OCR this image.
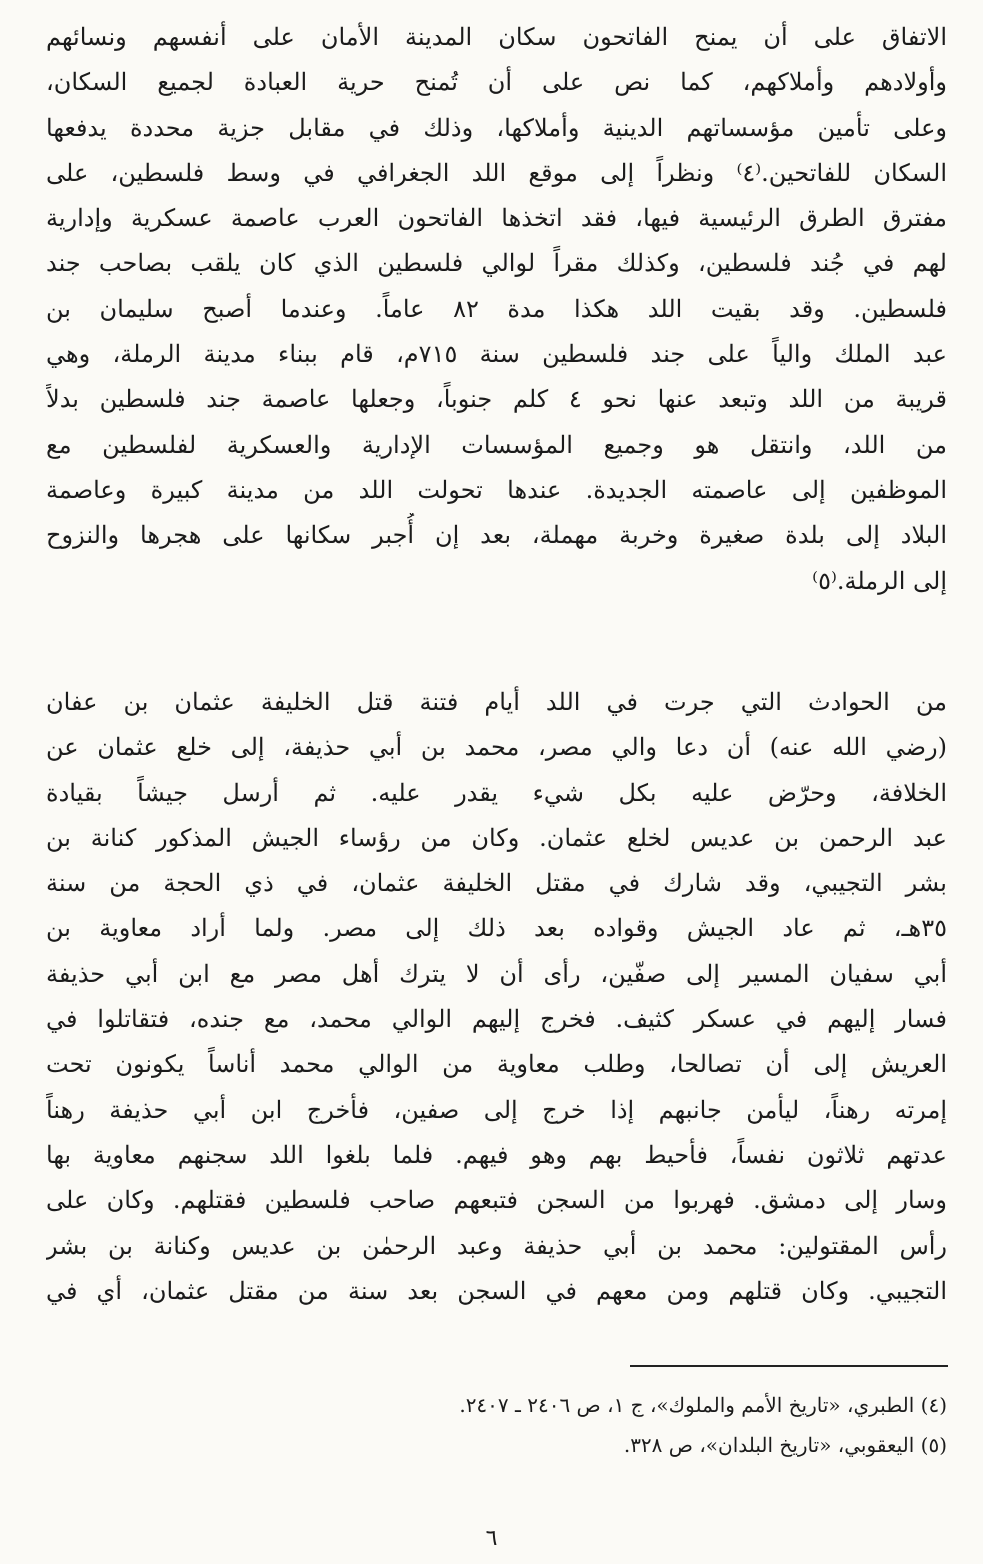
الاتفاق على أن يمنح الفاتحون سكان المدينة الأمان على أنفسهم ونسائهم
وأولادهم وأملاكهم، كما نص على أن تُمنح حرية العبادة لجميع السكان،
وعلى تأمين مؤسساتهم الدينية وأملاكها، وذلك في مقابل جزية محددة يدفعها
السكان للفاتحين.⁽٤⁾ ونظراً إلى موقع اللد الجغرافي في وسط فلسطين، على
مفترق الطرق الرئيسية فيها، فقد اتخذها الفاتحون العرب عاصمة عسكرية وإدارية
لهم في جُند فلسطين، وكذلك مقراً لوالي فلسطين الذي كان يلقب بصاحب جند
فلسطين. وقد بقيت اللد هكذا مدة ٨٢ عاماً. وعندما أصبح سليمان بن
عبد الملك والياً على جند فلسطين سنة ٧١٥م، قام ببناء مدينة الرملة، وهي
قريبة من اللد وتبعد عنها نحو ٤ كلم جنوباً، وجعلها عاصمة جند فلسطين بدلاً
من اللد، وانتقل هو وجميع المؤسسات الإدارية والعسكرية لفلسطين مع
الموظفين إلى عاصمته الجديدة. عندها تحولت اللد من مدينة كبيرة وعاصمة
البلاد إلى بلدة صغيرة وخربة مهملة، بعد إن أُجبر سكانها على هجرها والنزوح
إلى الرملة.⁽٥⁾
من الحوادث التي جرت في اللد أيام فتنة قتل الخليفة عثمان بن عفان
(رضي الله عنه) أن دعا والي مصر، محمد بن أبي حذيفة، إلى خلع عثمان عن
الخلافة، وحرّض عليه بكل شيء يقدر عليه. ثم أرسل جيشاً بقيادة
عبد الرحمن بن عديس لخلع عثمان. وكان من رؤساء الجيش المذكور كنانة بن
بشر التجيبي، وقد شارك في مقتل الخليفة عثمان، في ذي الحجة من سنة
٣٥هـ، ثم عاد الجيش وقواده بعد ذلك إلى مصر. ولما أراد معاوية بن
أبي سفيان المسير إلى صفّين، رأى أن لا يترك أهل مصر مع ابن أبي حذيفة
فسار إليهم في عسكر كثيف. فخرج إليهم الوالي محمد، مع جنده، فتقاتلوا في
العريش إلى أن تصالحا، وطلب معاوية من الوالي محمد أناساً يكونون تحت
إمرته رهناً، ليأمن جانبهم إذا خرج إلى صفين، فأخرج ابن أبي حذيفة رهناً
عدتهم ثلاثون نفساً، فأحيط بهم وهو فيهم. فلما بلغوا اللد سجنهم معاوية بها
وسار إلى دمشق. فهربوا من السجن فتبعهم صاحب فلسطين فقتلهم. وكان على
رأس المقتولين: محمد بن أبي حذيفة وعبد الرحمٰن بن عديس وكنانة بن بشر
التجيبي. وكان قتلهم ومن معهم في السجن بعد سنة من مقتل عثمان، أي في
(٤) الطبري، «تاريخ الأمم والملوك»، ج ١، ص ٢٤٠٦ ـ ٢٤٠٧.
(٥) اليعقوبي، «تاريخ البلدان»، ص ٣٢٨.
٦
